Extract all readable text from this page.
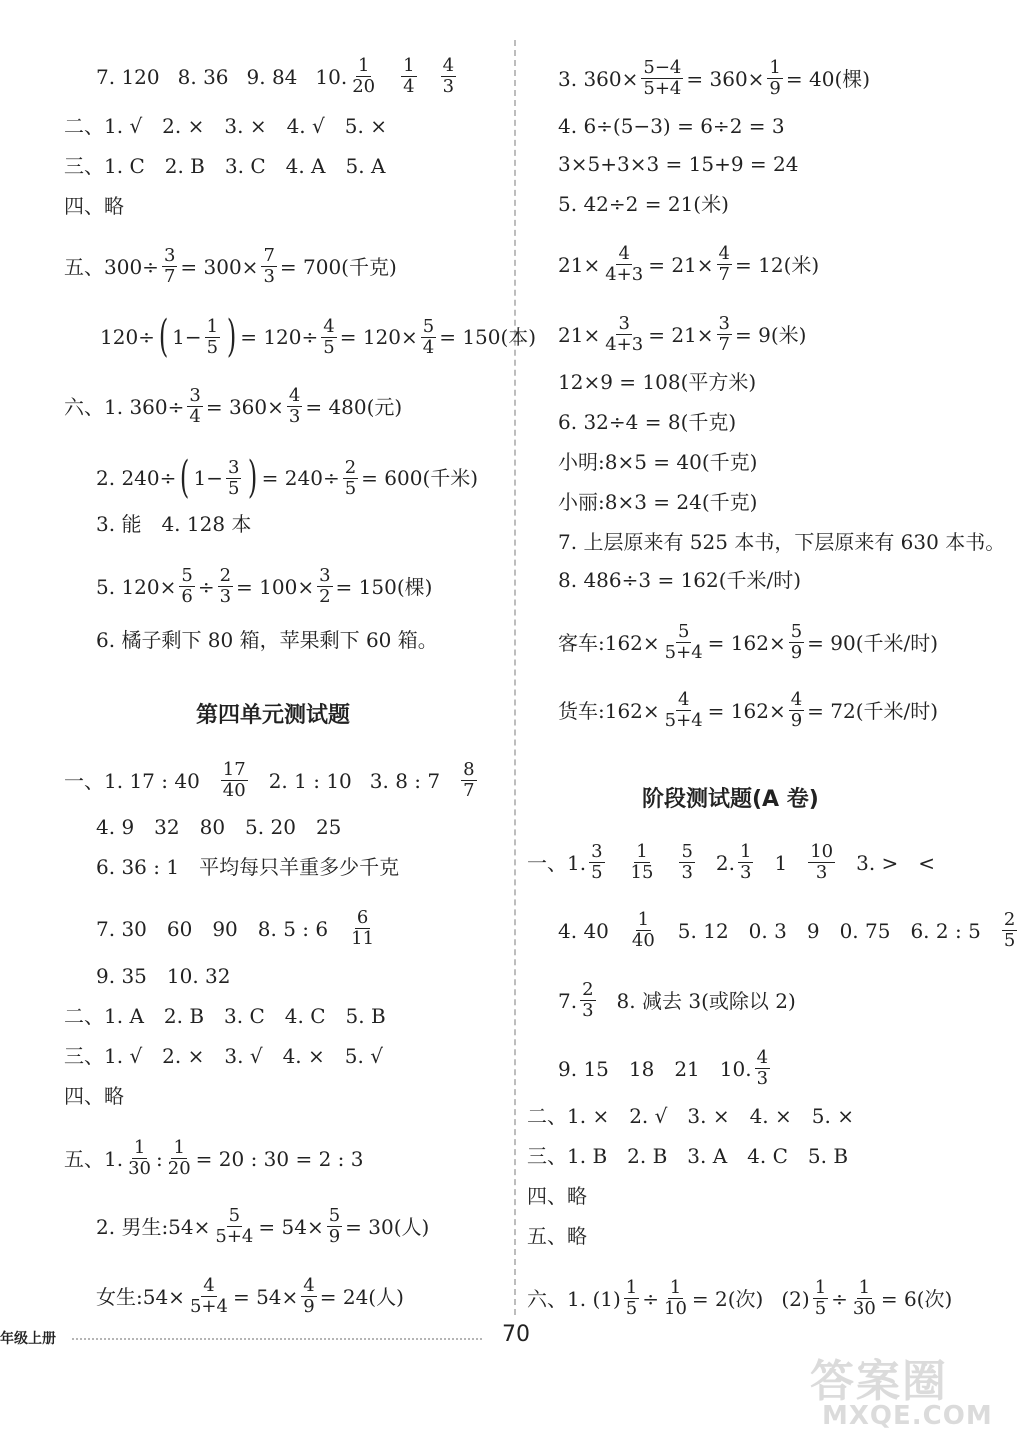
7. 120 8. 36 9. 84 10. $\frac{1}{20} \frac{1}{4} \frac{4}{3}$
二、1. √　2. ×　3. ×　4. √　5. ×
三、1. C　2. B　3. C　4. A　5. A
四、略
五、$300\div \frac{3}{7} = 300\times \frac{7}{3} = 700$(千克)
120÷ ( $1- \frac{1}{5}$ ) = $120\div \frac{4}{5} = 120\times \frac{5}{4} = 150$(本)
六、1. $360\div \frac{3}{4} = 360\times \frac{4}{3} = 480$(元)
2. 240÷ ( $1- \frac{3}{5}$ ) = $240\div \frac{2}{5} = 600$(千米)
3. 能　4. 128 本
5. $120\times \frac{5}{6} \div \frac{2}{3} = 100\times \frac{3}{2} = 150$(棵)
6. 橘子剩下 80 箱，苹果剩下 60 箱。
第四单元测试题
一、1. 17 : $40 \frac{17}{40} 2$. 1 : 10 3. 8 : $7 \frac{8}{7}$
4. 9　32　80　5. 20　25
6. 36 : 1　平均每只羊重多少千克
7. 30　60　90　8. 5 : $6 \frac{6}{11}$
9. 35　10. 32
二、1. A　2. B　3. C　4. C　5. B
三、1. √　2. ×　3. √　4. ×　5. √
四、略
五、1. $\frac{1}{30}$ : $\frac{1}{20} = 20$ : 30 = 2 : 3
2. 男生:54× $\frac{5}{5+4} = 54\times \frac{5}{9} = 30$(人)
女生:54× $\frac{4}{5+4} = 54\times \frac{4}{9} = 24$(人)
3. $360\times \frac{5-4}{5+4} = 360\times \frac{1}{9} = 40$(棵)
4. 6÷(5−3) = 6÷2 = 3
3×5+3×3 = 15+9 = 24
5. 42÷2 = 21(米)
$21\times \frac{4}{4+3} = 21\times \frac{4}{7} = 12$(米)
$21\times \frac{3}{4+3} = 21\times \frac{3}{7} = 9$(米)
12×9 = 108(平方米)
6. 32÷4 = 8(千克)
小明:8×5 = 40(千克)
小丽:8×3 = 24(千克)
7. 上层原来有 525 本书，下层原来有 630 本书。
8. 486÷3 = 162(千米/时)
客车:162× $\frac{5}{5+4} = 162\times \frac{5}{9} = 90$(千米/时)
货车:162× $\frac{4}{5+4} = 162\times \frac{4}{9} = 72$(千米/时)
阶段测试题(A 卷)
一、1. $\frac{3}{5} \frac{1}{15} \frac{5}{3} 2$. $\frac{1}{3} 1 \frac{10}{3} 3$. >　<
4. $40 \frac{1}{40} 5$. 12　0. 3　9　0. 75　6. 2 : $5 \frac{2}{5}$
7. $\frac{2}{3} 8$. 减去 3(或除以 2)
9. 15　18　21　10. $\frac{4}{3}$
二、1. ×　2. √　3. ×　4. ×　5. ×
三、1. B　2. B　3. A　4. C　5. B
四、略
五、略
六、1. $(1) \frac{1}{5} \div \frac{1}{10} = 2$(次) $(2) \frac{1}{5} \div \frac{1}{30} = 6$(次)
年级上册	70
答案圈
MXQE.COM
